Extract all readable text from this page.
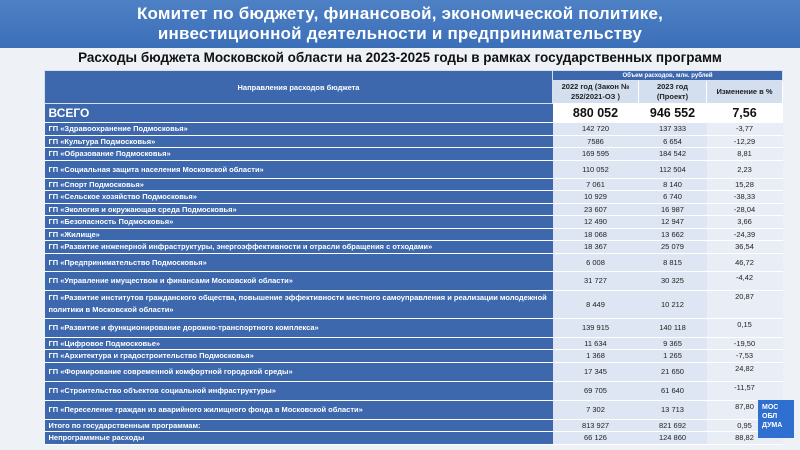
Комитет по бюджету, финансовой, экономической политике,
инвестиционной деятельности и предпринимательству
Расходы бюджета Московской области на 2023-2025 годы в рамках государственных программ
Направления расходов бюджета	Объем расходов, млн. рублей		
	2022 год (Закон № 252/2021-ОЗ )	2023 год (Проект)	Изменение в %
ВСЕГО	880 052	946 552	7,56
ГП «Здравоохранение Подмосковья»	142 720	137 333	-3,77
ГП «Культура Подмосковья»	7586	6 654	-12,29
ГП «Образование Подмосковья»	169 595	184 542	8,81
ГП «Социальная защита населения Московской области»	110 052	112 504	2,23
ГП «Спорт Подмосковья»	7 061	8 140	15,28
ГП «Сельское хозяйство Подмосковья»	10 929	6 740	-38,33
ГП «Экология и окружающая среда Подмосковья»	23 607	16 987	-28,04
ГП «Безопасность Подмосковья»	12 490	12 947	3,66
ГП «Жилище»	18 068	13 662	-24,39
ГП «Развитие инженерной инфраструктуры, энергоэффективности и отрасли обращения с отходами»	18 367	25 079	36,54
ГП «Предпринимательство Подмосковья»	6 008	8 815	46,72
ГП «Управление имуществом и финансами Московской области»	31 727	30 325	-4,42

ГП «Развитие институтов гражданского общества, повышение эффективности местного самоуправления и реализации молодежной политики в Московской области»	8 449	10 212	20,87
ГП «Развитие и функционирование дорожно-транспортного комплекса»	139 915	140 118	0,15
ГП «Цифровое Подмосковье»	11 634	9 365	-19,50
ГП «Архитектура и градостроительство Подмосковья»	1 368	1 265	-7,53
ГП «Формирование современной комфортной городской среды»	17 345	21 650	24,82
ГП «Строительство объектов социальной инфраструктуры»	69 705	61 640	-11,57
ГП «Переселение граждан из аварийного жилищного фонда в Московской области»	7 302	13 713	87,80
Итого по государственным программам:	813 927	821 692	0,95
Непрограммные расходы	66 126	124 860	88,82
МОС
ОБЛ
ДУМА
